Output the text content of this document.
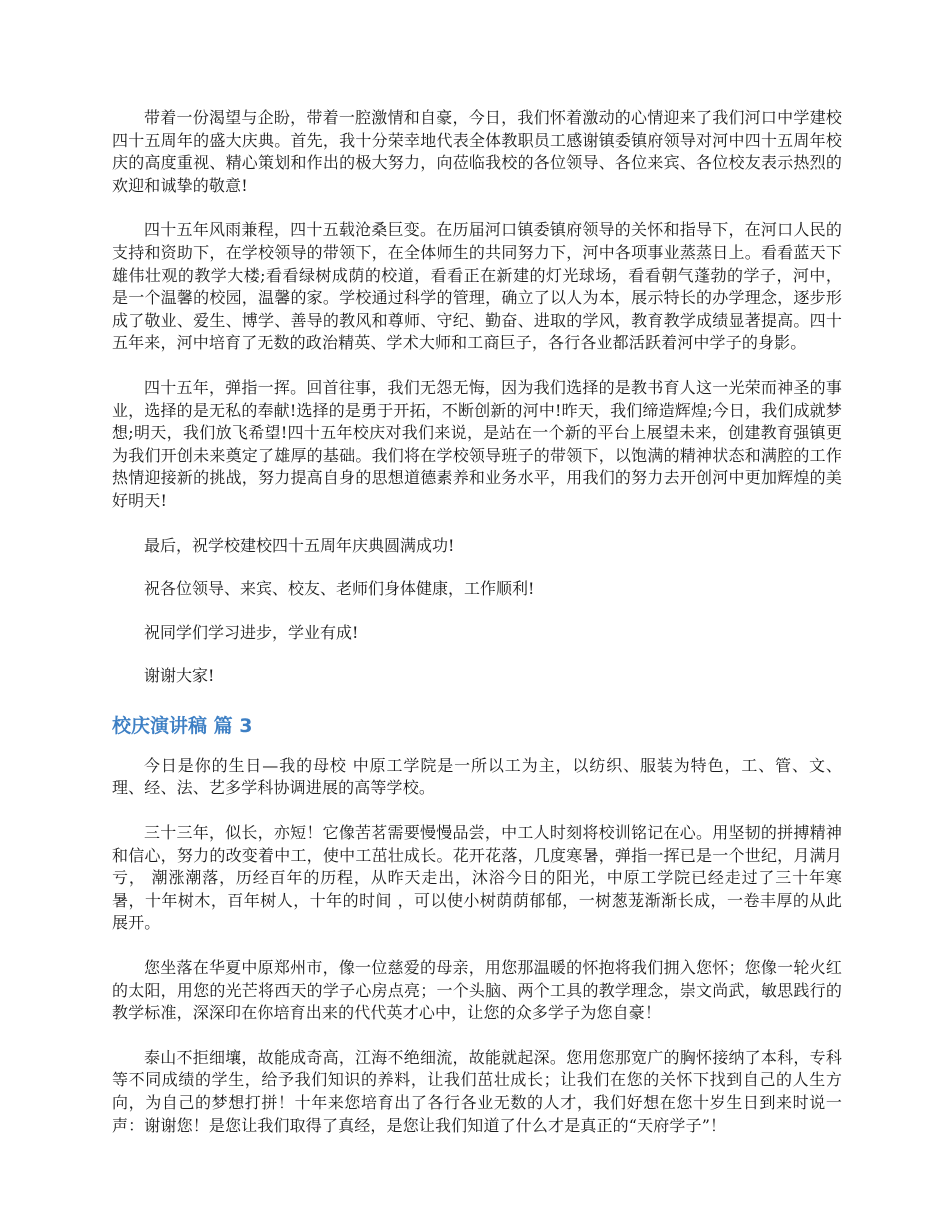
带着一份渴望与企盼，带着一腔激情和自豪，今日，我们怀着激动的心情迎来了我们河口中学建校四十五周年的盛大庆典。首先，我十分荣幸地代表全体教职员工感谢镇委镇府领导对河中四十五周年校庆的高度重视、精心策划和作出的极大努力，向莅临我校的各位领导、各位来宾、各位校友表示热烈的欢迎和诚挚的敬意!

四十五年风雨兼程，四十五载沧桑巨变。在历届河口镇委镇府领导的关怀和指导下，在河口人民的支持和资助下，在学校领导的带领下，在全体师生的共同努力下，河中各项事业蒸蒸日上。看看蓝天下雄伟壮观的教学大楼;看看绿树成荫的校道，看看正在新建的灯光球场，看看朝气蓬勃的学子，河中，是一个温馨的校园，温馨的家。学校通过科学的管理，确立了以人为本，展示特长的办学理念，逐步形成了敬业、爱生、博学、善导的教风和尊师、守纪、勤奋、进取的学风，教育教学成绩显著提高。四十五年来，河中培育了无数的政治精英、学术大师和工商巨子，各行各业都活跃着河中学子的身影。

四十五年，弹指一挥。回首往事，我们无怨无悔，因为我们选择的是教书育人这一光荣而神圣的事业，选择的是无私的奉献!选择的是勇于开拓，不断创新的河中!昨天，我们缔造辉煌;今日，我们成就梦想;明天，我们放飞希望!四十五年校庆对我们来说，是站在一个新的平台上展望未来，创建教育强镇更为我们开创未来奠定了雄厚的基础。我们将在学校领导班子的带领下，以饱满的精神状态和满腔的工作热情迎接新的挑战，努力提高自身的思想道德素养和业务水平，用我们的努力去开创河中更加辉煌的美好明天!

最后，祝学校建校四十五周年庆典圆满成功!

祝各位领导、来宾、校友、老师们身体健康，工作顺利!

祝同学们学习进步，学业有成!

谢谢大家!

校庆演讲稿 篇 3

今日是你的生日—我的母校 中原工学院是一所以工为主，以纺织、服装为特色，工、管、文、理、经、法、艺多学科协调进展的高等学校。

三十三年，似长，亦短！它像苦茗需要慢慢品尝，中工人时刻将校训铭记在心。用坚韧的拼搏精神和信心，努力的改变着中工，使中工茁壮成长。花开花落，几度寒暑，弹指一挥已是一个世纪，月满月亏， 潮涨潮落，历经百年的历程，从昨天走出，沐浴今日的阳光，中原工学院已经走过了三十年寒暑，十年树木，百年树人，十年的时间 ，可以使小树荫荫郁郁，一树葱茏渐渐长成，一卷丰厚的从此展开。

您坐落在华夏中原郑州市，像一位慈爱的母亲，用您那温暖的怀抱将我们拥入您怀；您像一轮火红的太阳，用您的光芒将西天的学子心房点亮；一个头脑、两个工具的教学理念，崇文尚武，敏思践行的教学标准，深深印在你培育出来的代代英才心中，让您的众多学子为您自豪！

泰山不拒细壤，故能成奇高，江海不绝细流，故能就起深。您用您那宽广的胸怀接纳了本科，专科等不同成绩的学生，给予我们知识的养料，让我们茁壮成长；让我们在您的关怀下找到自己的人生方向，为自己的梦想打拼！十年来您培育出了各行各业无数的人才，我们好想在您十岁生日到来时说一声：谢谢您！是您让我们取得了真经，是您让我们知道了什么才是真正的“天府学子”！
